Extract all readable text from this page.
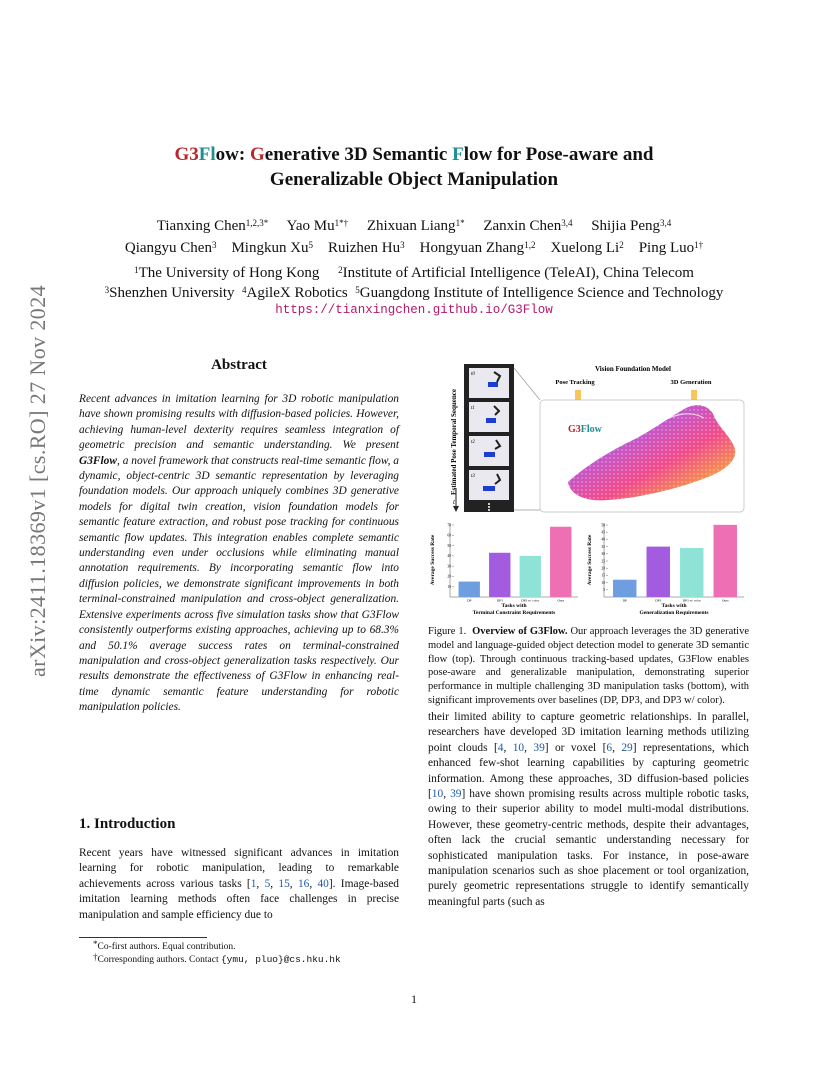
arXiv:2411.18369v1 [cs.RO] 27 Nov 2024
G3Flow: Generative 3D Semantic Flow for Pose-aware and
Generalizable Object Manipulation
Tianxing Chen$^{1,2,3*}$ Yao $Mu^{1*\dagger}$ Zhixuan Liang$^{1*}$ Zanxin Chen$^{3,4}$ Shijia Peng$^{3,4}$
Qiangyu Chen$^3$ Mingkun Xu$^5$ Ruizhen Hu$^3$ Hongyuan Zhang$^{1,2}$ Xuelong Li$^2$ Ping Luo$^{1\dagger}$
$^1$The University of Hong Kong $^2$Institute of Artificial Intelligence (TeleAI), China Telecom
$^3$Shenzhen University $^4$AgileX Robotics $^5$Guangdong Institute of Intelligence Science and Technology
https://tianxingchen.github.io/G3Flow
Abstract
Recent advances in imitation learning for 3D robotic manipulation have shown promising results with diffusion-based policies. However, achieving human-level dexterity requires seamless integration of geometric precision and semantic understanding. We present G3Flow, a novel framework that constructs real-time semantic flow, a dynamic, object-centric 3D semantic representation by leveraging foundation models. Our approach uniquely combines 3D generative models for digital twin creation, vision foundation models for semantic feature extraction, and robust pose tracking for continuous semantic flow updates. This integration enables complete semantic understanding even under occlusions while eliminating manual annotation requirements. By incorporating semantic flow into diffusion policies, we demonstrate significant improvements in both terminal-constrained manipulation and cross-object generalization. Extensive experiments across five simulation tasks show that G3Flow consistently outperforms existing approaches, achieving up to 68.3% and 50.1% average success rates on terminal-constrained manipulation and cross-object generalization tasks respectively. Our results demonstrate the effectiveness of G3Flow in enhancing real-time dynamic semantic feature understanding for robotic manipulation policies.
1. Introduction
Recent years have witnessed significant advances in imitation learning for robotic manipulation, leading to remarkable achievements across various tasks [1, 5, 15, 16, 40]. Image-based imitation learning methods often face challenges in precise manipulation and sample efficiency due to
*Co-first authors. Equal contribution.
†Corresponding authors. Contact {ymu, pluo}@cs.hku.hk
Estimated Pose Temporal Sequence
t
t0
t1
t2
t3
Vision Foundation Model
Pose Tracking	3D Generation
G3Flow
Average Success Rate
10
20
30
40
50
60
70
DP	DP3	DP3 w/ color	Ours
Tasks with
Terminal Constraint Requirements
Average Success Rate
5
10
15
20
25
30
35
40
45
50
DP	DP3	DP3 w/ color	Ours
Tasks with
Generalization Requirements
Figure 1. Overview of G3Flow. Our approach leverages the 3D generative model and language-guided object detection model to generate 3D semantic flow (top). Through continuous tracking-based updates, G3Flow enables pose-aware and generalizable manipulation, demonstrating superior performance in multiple challenging 3D manipulation tasks (bottom), with significant improvements over baselines (DP, DP3, and DP3 w/ color).
their limited ability to capture geometric relationships. In parallel, researchers have developed 3D imitation learning methods utilizing point clouds [4, 10, 39] or voxel [6, 29] representations, which enhanced few-shot learning capabilities by capturing geometric information. Among these approaches, 3D diffusion-based policies [10, 39] have shown promising results across multiple robotic tasks, owing to their superior ability to model multi-modal distributions. However, these geometry-centric methods, despite their advantages, often lack the crucial semantic understanding necessary for sophisticated manipulation tasks. For instance, in pose-aware manipulation scenarios such as shoe placement or tool organization, purely geometric representations struggle to identify semantically meaningful parts (such as
1
